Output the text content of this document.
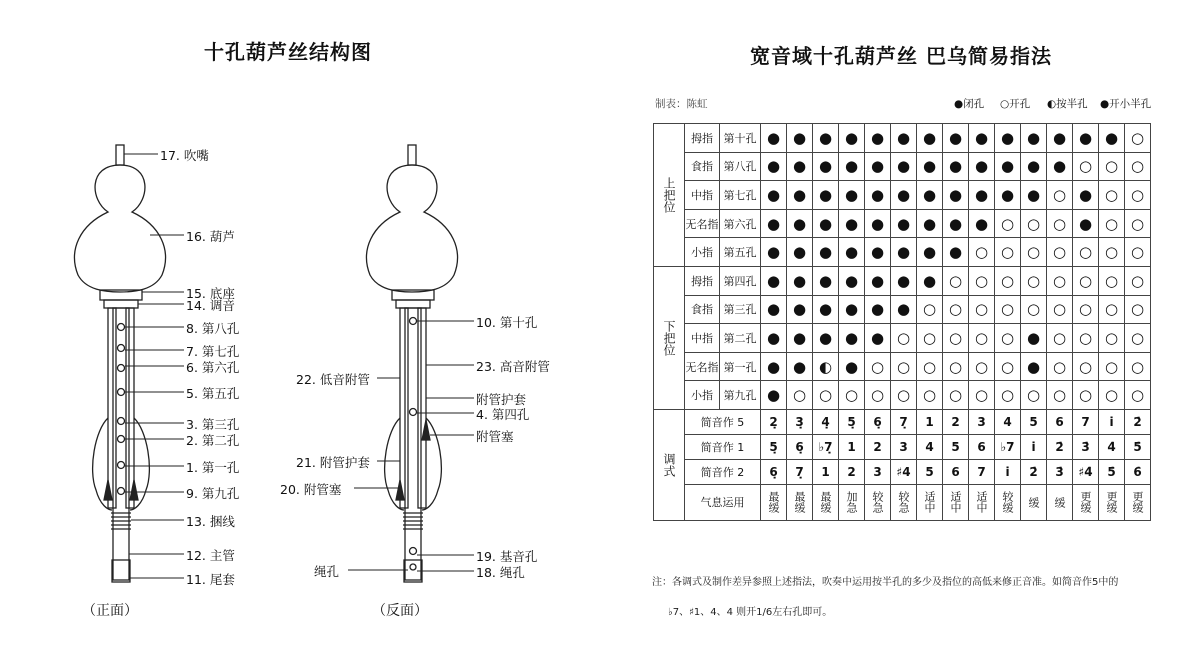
十孔葫芦丝结构图
17. 吹嘴
16. 葫芦
15. 底座
14. 调音
8. 第八孔
7. 第七孔
6. 第六孔
5. 第五孔
3. 第三孔
2. 第二孔
1. 第一孔
9. 第九孔
13. 捆线
12. 主管
11. 尾套
10. 第十孔
23. 高音附管
22. 低音附管
附管护套
4. 第四孔
附管塞
21. 附管护套
20. 附管塞
19. 基音孔
绳孔	18. 绳孔
（正面）	（反面）
宽音域十孔葫芦丝 巴乌简易指法
制表：陈虹	●闭孔 ○开孔 ◐按半孔 ●开小半孔
上把位	拇指	第十孔	●	●	●	●	●	●	●	●	●	●	●	●	●	●	○
	食指	第八孔	●	●	●	●	●	●	●	●	●	●	●	●	○	○	○
	中指	第七孔	●	●	●	●	●	●	●	●	●	●	●	○	●	○	○
	无名指	第六孔	●	●	●	●	●	●	●	●	●	○	○	○	●	○	○
	小指	第五孔	●	●	●	●	●	●	●	●	○	○	○	○	○	○	○
下把位	拇指	第四孔	●	●	●	●	●	●	●	○	○	○	○	○	○	○	○
	食指	第三孔	●	●	●	●	●	●	○	○	○	○	○	○	○	○	○
	中指	第二孔	●	●	●	●	●	○	○	○	○	○	●	○	○	○	○
	无名指	第一孔	●	●	◐	●	○	○	○	○	○	○	●	○	○	○	○
	小指	第九孔	●	○	○	○	○	○	○	○	○	○	○	○	○	○	○
调式	简音作 5		2̣	3̣	4̣	5̣	6̣	7̣	1	2	3	4	5	6	7	i	2̇
	简音作 1		5̣	6̣	♭7̣	1	2	3	4	5	6	♭7	i	2̇	3̇	4̇	5̇
	简音作 2		6̣	7̣	1	2	3	♯4	5	6	7	i	2̇	3̇	♯4̇	5̇	6̇
	气息运用		最缓	最缓	最缓	加急	较急	较急	适中	适中	适中	较缓	缓	缓	更缓	更缓	更缓
注：各调式及制作差异参照上述指法，吹奏中运用按半孔的多少及指位的高低来修正音准。如简音作5中的
♭7、♯1、4、4 则开1/6左右孔即可。
